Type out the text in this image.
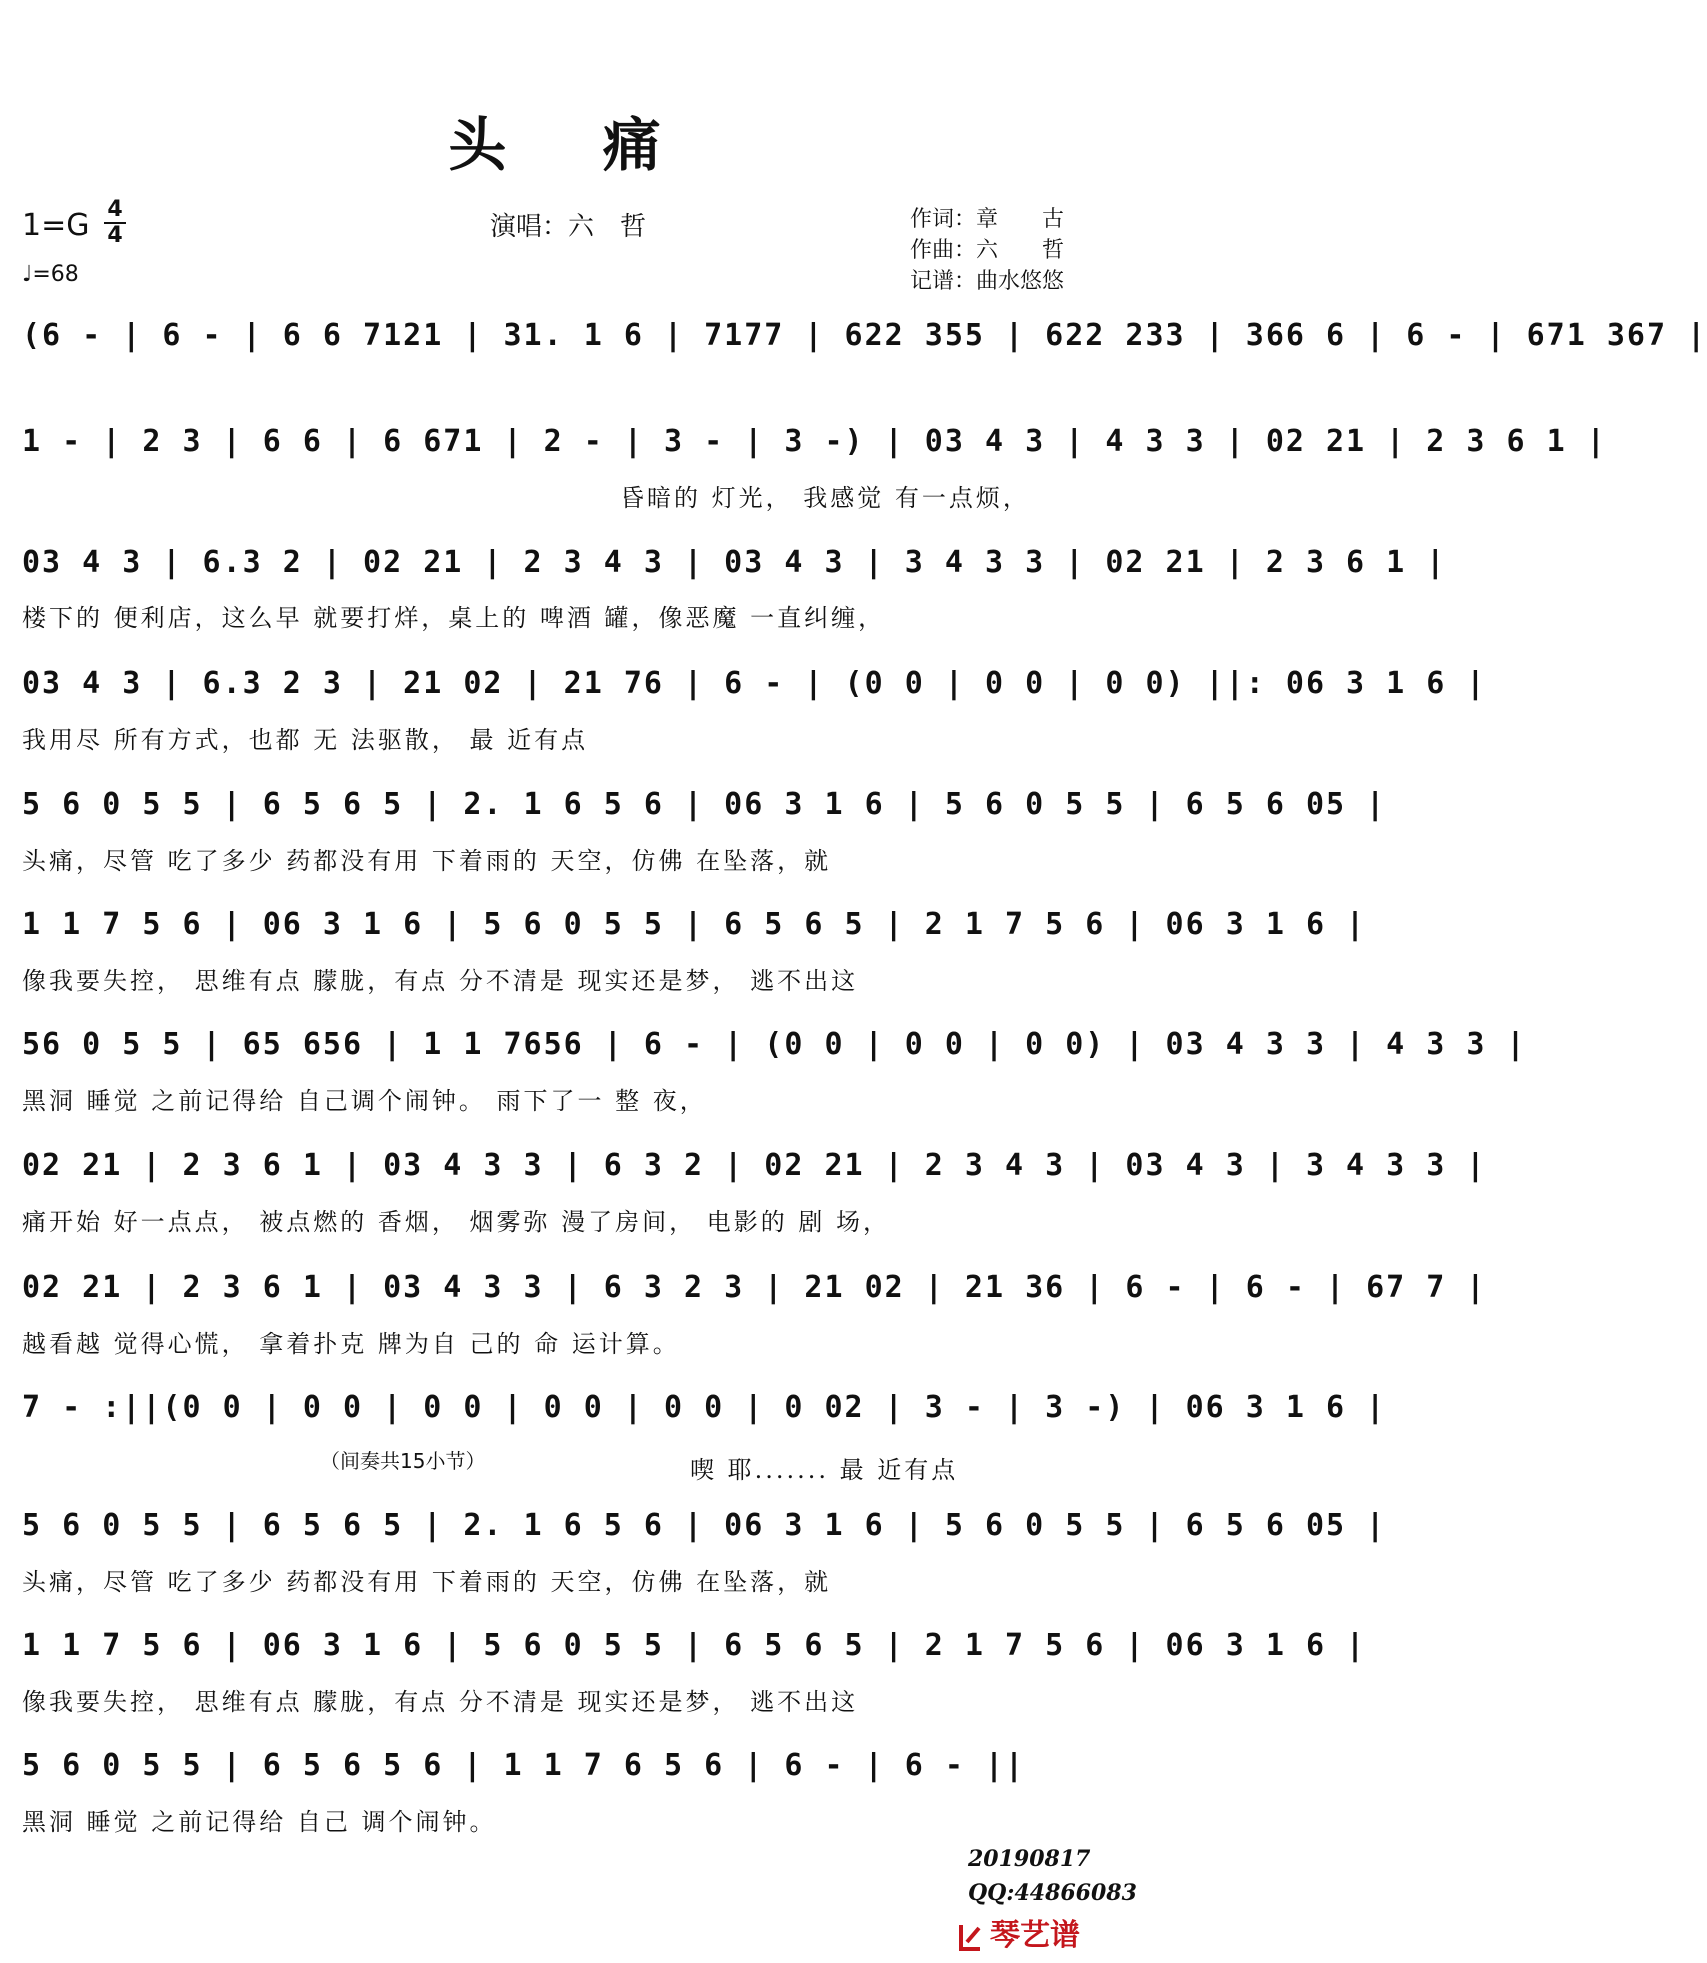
头 痛
1=G 4
4
♩=68
演唱：六　哲	作词：章　　古
作曲：六　　哲
记谱：曲水悠悠
(6 - | 6 - | 6 6 7121 | 31. 1 6 | 7177 | 622 355 | 622 233 | 366 6 | 6 - | 671 367 |
1 - | 2 3 | 6 6 | 6 671 | 2 - | 3 - | 3 -) | 03 4 3 | 4 3 3 | 02 21 | 2 3 6 1 |
昏暗的 灯光， 我感觉 有一点烦，
03 4 3 | 6.3 2 | 02 21 | 2 3 4 3 | 03 4 3 | 3 4 3 3 | 02 21 | 2 3 6 1 |
楼下的 便利店，这么早 就要打烊，桌上的 啤酒 罐，像恶魔 一直纠缠，
03 4 3 | 6.3 2 3 | 21 02 | 21 76 | 6 - | (0 0 | 0 0 | 0 0) ||: 06 3 1 6 |
我用尽 所有方式，也都 无 法驱散， 最 近有点
5 6 0 5 5 | 6 5 6 5 | 2. 1 6 5 6 | 06 3 1 6 | 5 6 0 5 5 | 6 5 6 05 |
头痛，尽管 吃了多少 药都没有用 下着雨的 天空，仿佛 在坠落，就
1 1 7 5 6 | 06 3 1 6 | 5 6 0 5 5 | 6 5 6 5 | 2 1 7 5 6 | 06 3 1 6 |
像我要失控， 思维有点 朦胧，有点 分不清是 现实还是梦， 逃不出这
56 0 5 5 | 65 656 | 1 1 7656 | 6 - | (0 0 | 0 0 | 0 0) | 03 4 3 3 | 4 3 3 |
黑洞 睡觉 之前记得给 自己调个闹钟。 雨下了一 整 夜，
02 21 | 2 3 6 1 | 03 4 3 3 | 6 3 2 | 02 21 | 2 3 4 3 | 03 4 3 | 3 4 3 3 |
痛开始 好一点点， 被点燃的 香烟， 烟雾弥 漫了房间， 电影的 剧 场，
02 21 | 2 3 6 1 | 03 4 3 3 | 6 3 2 3 | 21 02 | 21 36 | 6 - | 6 - | 67 7 |
越看越 觉得心慌， 拿着扑克 牌为自 己的 命 运计算。
7 - :||(0 0 | 0 0 | 0 0 | 0 0 | 0 0 | 0 02 | 3 - | 3 -) | 06 3 1 6 |
（间奏共15小节）	喫 耶....... 最 近有点
5 6 0 5 5 | 6 5 6 5 | 2. 1 6 5 6 | 06 3 1 6 | 5 6 0 5 5 | 6 5 6 05 |
头痛，尽管 吃了多少 药都没有用 下着雨的 天空，仿佛 在坠落，就
1 1 7 5 6 | 06 3 1 6 | 5 6 0 5 5 | 6 5 6 5 | 2 1 7 5 6 | 06 3 1 6 |
像我要失控， 思维有点 朦胧，有点 分不清是 现实还是梦， 逃不出这
5 6 0 5 5 | 6 5 6 5 6 | 1 1 7 6 5 6 | 6 - | 6 - ||
黑洞 睡觉 之前记得给 自己 调个闹钟。
20190817
QQ:44866083
琴艺谱
